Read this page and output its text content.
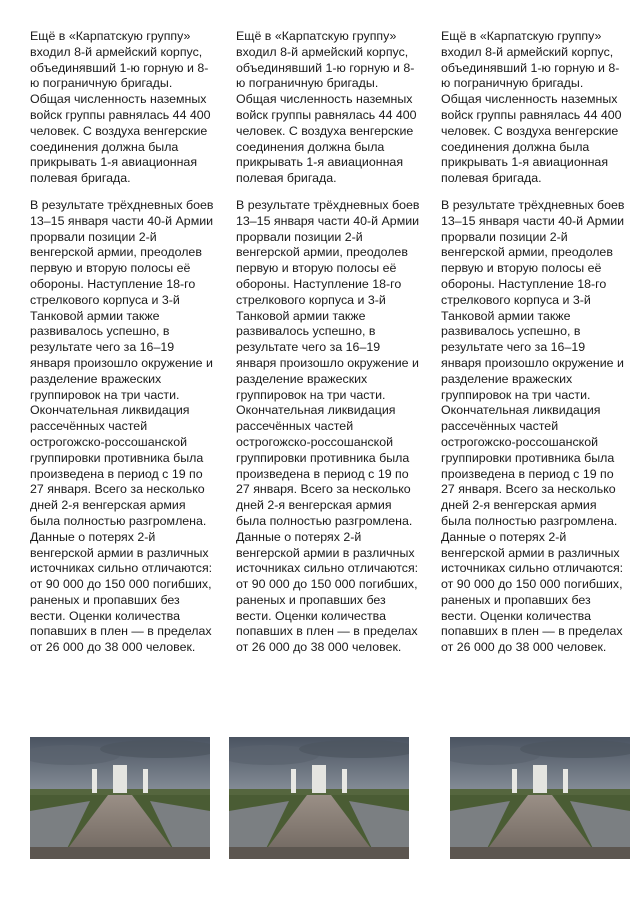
Ещё в «Карпатскую группу» входил 8-й армейский корпус, объединявший 1-ю горную и 8-ю пограничную бригады. Общая численность наземных войск группы равнялась 44 400 человек. С воздуха венгерские соединения должна была прикрывать 1-я авиационная полевая бригада.

В результате трёхдневных боев 13–15 января части 40-й Армии прорвали позиции 2-й венгерской армии, преодолев первую и вторую полосы её обороны. Наступление 18-го стрелкового корпуса и 3-й Танковой армии также развивалось успешно, в результате чего за 16–19 января произошло окружение и разделение вражеских группировок на три части. Окончательная ликвидация рассечённых частей острогожско-россошанской группировки противника была произведена в период с 19 по 27 января. Всего за несколько дней 2-я венгерская армия была полностью разгромлена. Данные о потерях 2-й венгерской армии в различных источниках сильно отличаются: от 90 000 до 150 000 погибших, раненых и пропавших без вести. Оценки количества попавших в плен — в пределах от 26 000 до 38 000 человек.

Ещё в «Карпатскую группу» входил 8-й армейский корпус, объединявший 1-ю горную и 8-ю пограничную бригады. Общая численность наземных войск группы равнялась 44 400 человек. С воздуха венгерские соединения должна была прикрывать 1-я авиационная полевая бригада.

В результате трёхдневных боев 13–15 января части 40-й Армии прорвали позиции 2-й венгерской армии, преодолев первую и вторую полосы её обороны. Наступление 18-го стрелкового корпуса и 3-й Танковой армии также развивалось успешно, в результате чего за 16–19 января произошло окружение и разделение вражеских группировок на три части. Окончательная ликвидация рассечённых частей острогожско-россошанской группировки противника была произведена в период с 19 по 27 января. Всего за несколько дней 2-я венгерская армия была полностью разгромлена. Данные о потерях 2-й венгерской армии в различных источниках сильно отличаются: от 90 000 до 150 000 погибших, раненых и пропавших без вести. Оценки количества попавших в плен — в пределах от 26 000 до 38 000 человек.

Ещё в «Карпатскую группу» входил 8-й армейский корпус, объединявший 1-ю горную и 8-ю пограничную бригады. Общая численность наземных войск группы равнялась 44 400 человек. С воздуха венгерские соединения должна была прикрывать 1-я авиационная полевая бригада.

В результате трёхдневных боев 13–15 января части 40-й Армии прорвали позиции 2-й венгерской армии, преодолев первую и вторую полосы её обороны. Наступление 18-го стрелкового корпуса и 3-й Танковой армии также развивалось успешно, в результате чего за 16–19 января произошло окружение и разделение вражеских группировок на три части. Окончательная ликвидация рассечённых частей острогожско-россошанской группировки противника была произведена в период с 19 по 27 января. Всего за несколько дней 2-я венгерская армия была полностью разгромлена. Данные о потерях 2-й венгерской армии в различных источниках сильно отличаются: от 90 000 до 150 000 погибших, раненых и пропавших без вести. Оценки количества попавших в плен — в пределах от 26 000 до 38 000 человек.
